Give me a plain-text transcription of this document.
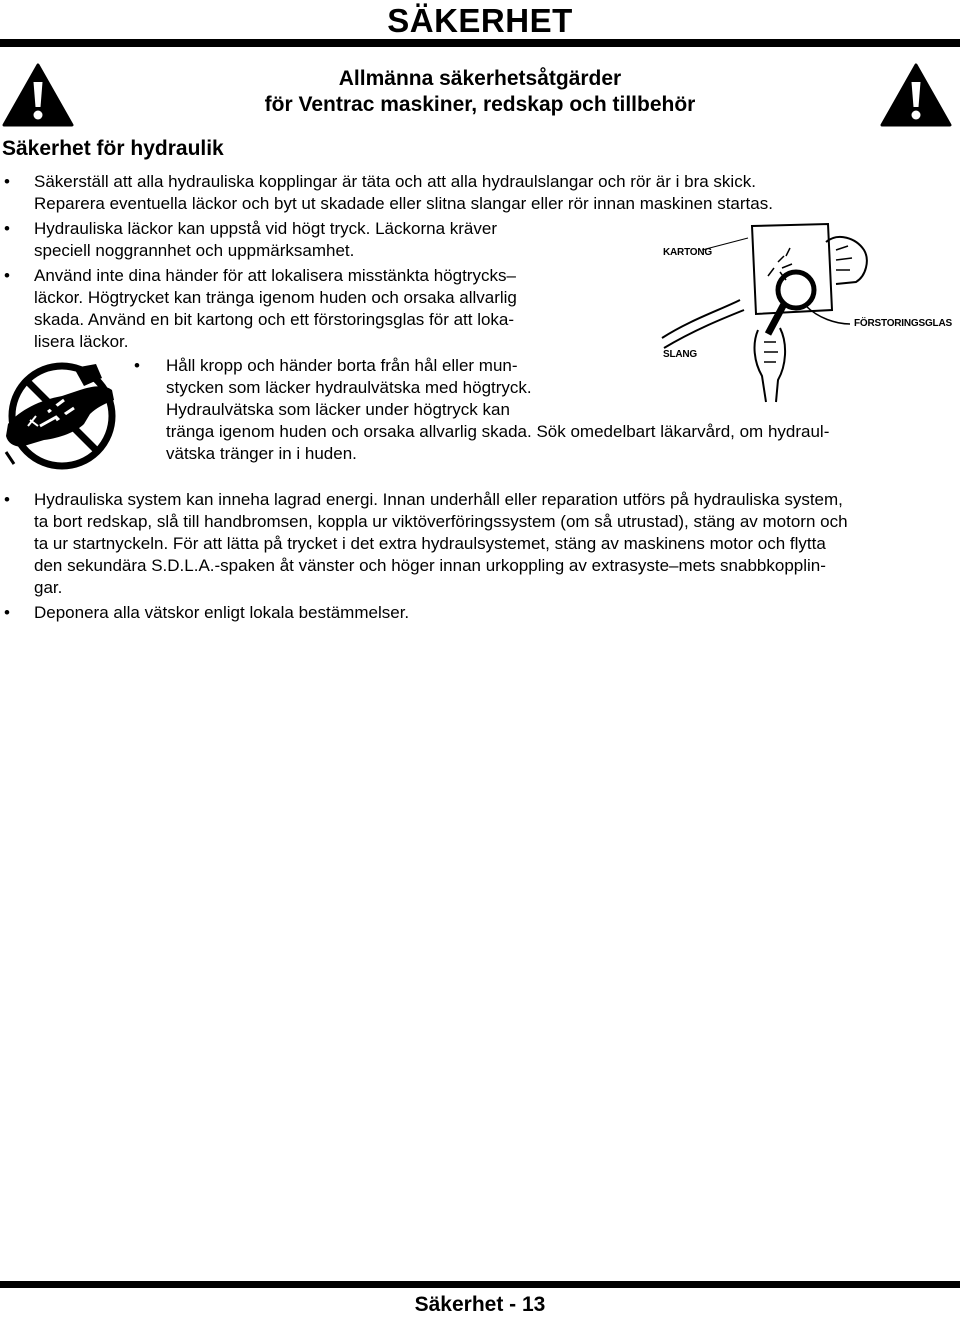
SÄKERHET
Allmänna säkerhetsåtgärder
för Ventrac maskiner, redskap och tillbehör
Säkerhet för hydraulik
• Säkerställ att alla hydrauliska kopplingar är täta och att alla hydraulslangar och rör är i bra skick.
Reparera eventuella läckor och byt ut skadade eller slitna slangar eller rör innan maskinen startas.
• Hydrauliska läckor kan uppstå vid högt tryck. Läckorna kräver
speciell noggrannhet och uppmärksamhet.
• Använd inte dina händer för att lokalisera misstänkta högtrycks–
läckor. Högtrycket kan tränga igenom huden och orsaka allvarlig
skada. Använd en bit kartong och ett förstoringsglas för att loka-
lisera läckor.
• Håll kropp och händer borta från hål eller mun-
stycken som läcker hydraulvätska med högtryck.
Hydraulvätska som läcker under högtryck kan
tränga igenom huden och orsaka allvarlig skada. Sök omedelbart läkarvård, om hydraul-
vätska tränger in i huden.
KARTONG
FÖRSTORINGSGLAS
SLANG
• Hydrauliska system kan inneha lagrad energi. Innan underhåll eller reparation utförs på hydrauliska system,
ta bort redskap, slå till handbromsen, koppla ur viktöverföringssystem (om så utrustad), stäng av motorn och
ta ur startnyckeln. För att lätta på trycket i det extra hydraulsystemet, stäng av maskinens motor och flytta
den sekundära S.D.L.A.-spaken åt vänster och höger innan urkoppling av extrasyste–mets snabbkopplin-
gar.
• Deponera alla vätskor enligt lokala bestämmelser.
Säkerhet - 13
